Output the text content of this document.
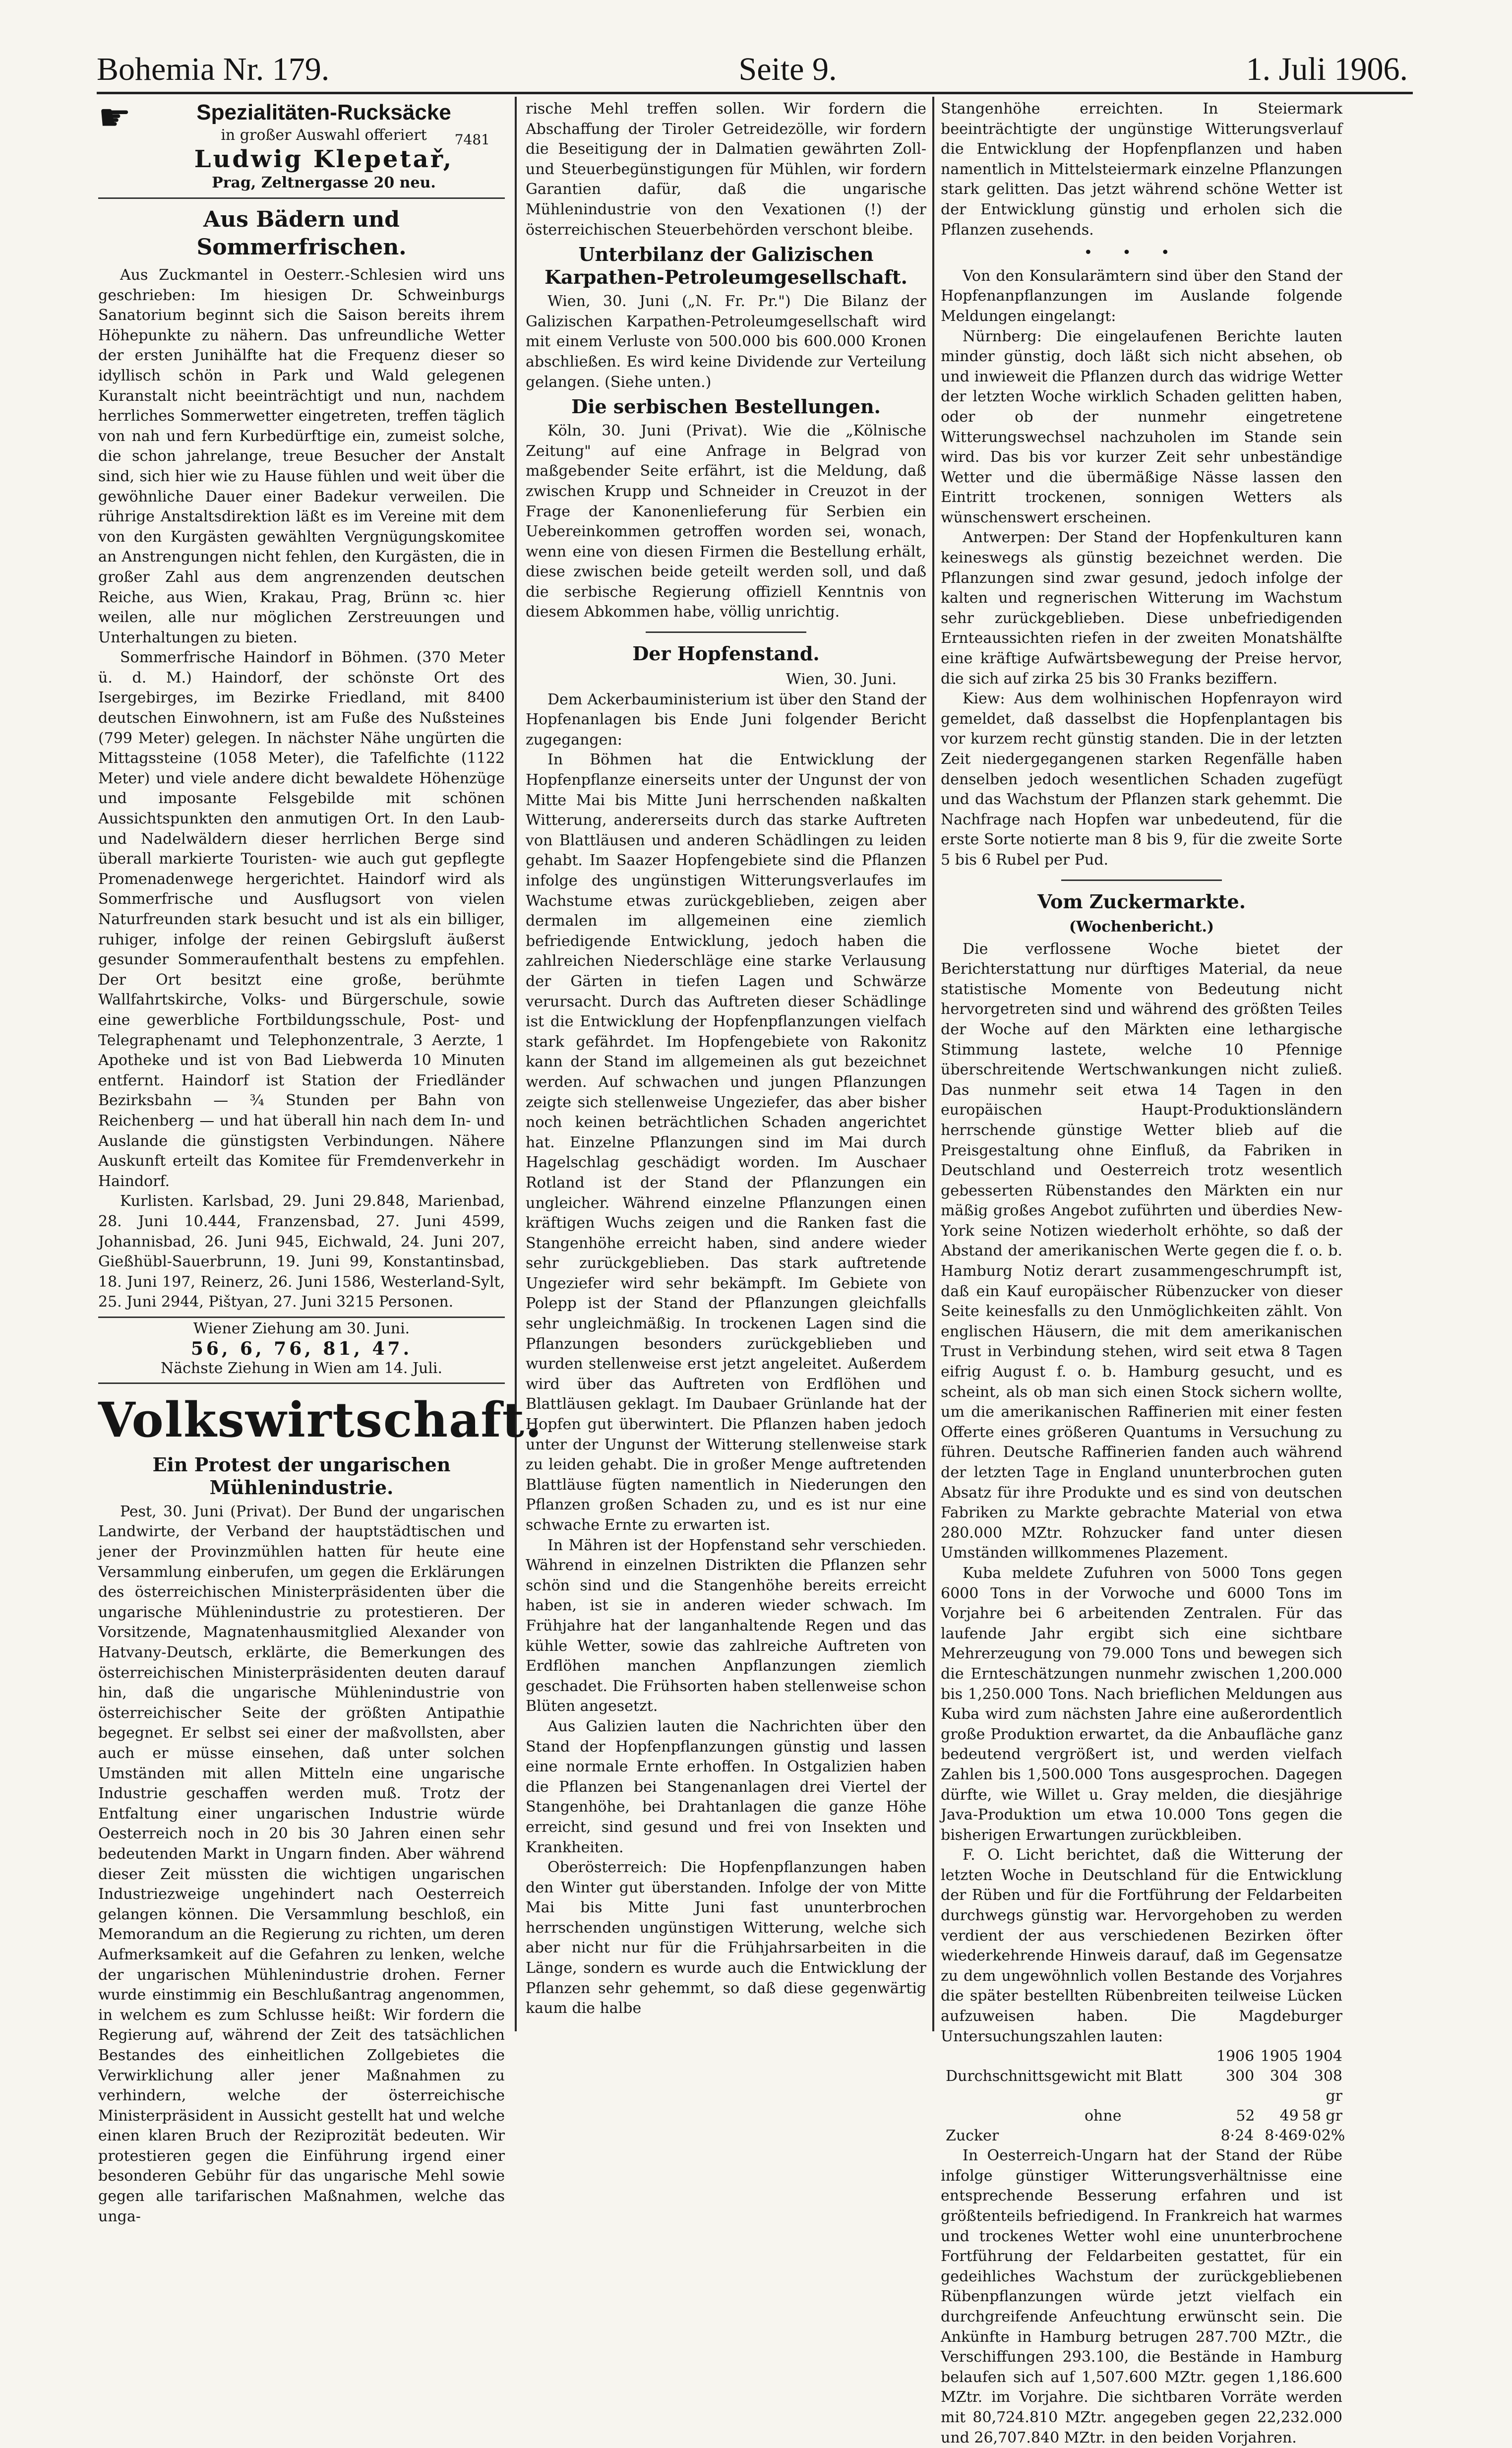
Bohemia Nr. 179.	Seite 9.	1. Juli 1906.
☛	Spezialitäten-Rucksäcke
in großer Auswahl offeriert
Ludwig Klepetař,
Prag, Zeltnergasse 20 neu.
7481
Aus Bädern und Sommerfrischen.

Aus Zuckmantel in Oesterr.-Schlesien wird uns geschrieben: Im hiesigen Dr. Schweinburgs Sanatorium beginnt sich die Saison bereits ihrem Höhepunkte zu nähern. Das unfreundliche Wetter der ersten Junihälfte hat die Frequenz dieser so idyllisch schön in Park und Wald gelegenen Kuranstalt nicht beeinträchtigt und nun, nachdem herrliches Sommerwetter eingetreten, treffen täglich von nah und fern Kurbedürftige ein, zumeist solche, die schon jahrelange, treue Besucher der Anstalt sind, sich hier wie zu Hause fühlen und weit über die gewöhnliche Dauer einer Badekur verweilen. Die rührige Anstaltsdirektion läßt es im Vereine mit dem von den Kurgästen gewählten Vergnügungskomitee an Anstrengungen nicht fehlen, den Kurgästen, die in großer Zahl aus dem angrenzenden deutschen Reiche, aus Wien, Krakau, Prag, Brünn ꝛc. hier weilen, alle nur möglichen Zerstreuungen und Unterhaltungen zu bieten.

Sommerfrische Haindorf in Böhmen. (370 Meter ü. d. M.) Haindorf, der schönste Ort des Isergebirges, im Bezirke Friedland, mit 8400 deutschen Einwohnern, ist am Fuße des Nußsteines (799 Meter) gelegen. In nächster Nähe ungürten die Mittagssteine (1058 Meter), die Tafelfichte (1122 Meter) und viele andere dicht bewaldete Höhenzüge und imposante Felsgebilde mit schönen Aussichtspunkten den anmutigen Ort. In den Laub- und Nadelwäldern dieser herrlichen Berge sind überall markierte Touristen- wie auch gut gepflegte Promenadenwege hergerichtet. Haindorf wird als Sommerfrische und Ausflugsort von vielen Naturfreunden stark besucht und ist als ein billiger, ruhiger, infolge der reinen Gebirgsluft äußerst gesunder Sommeraufenthalt bestens zu empfehlen. Der Ort besitzt eine große, berühmte Wallfahrtskirche, Volks- und Bürgerschule, sowie eine gewerbliche Fortbildungsschule, Post- und Telegraphenamt und Telephonzentrale, 3 Aerzte, 1 Apotheke und ist von Bad Liebwerda 10 Minuten entfernt. Haindorf ist Station der Friedländer Bezirksbahn — ¾ Stunden per Bahn von Reichenberg — und hat überall hin nach dem In- und Auslande die günstigsten Verbindungen. Nähere Auskunft erteilt das Komitee für Fremdenverkehr in Haindorf.

Kurlisten. Karlsbad, 29. Juni 29.848, Marienbad, 28. Juni 10.444, Franzensbad, 27. Juni 4599, Johannisbad, 26. Juni 945, Eichwald, 24. Juni 207, Gießhübl-Sauerbrunn, 19. Juni 99, Konstantinsbad, 18. Juni 197, Reinerz, 26. Juni 1586, Westerland-Sylt, 25. Juni 2944, Pištyan, 27. Juni 3215 Personen.

Wiener Ziehung am 30. Juni.
56, 6, 76, 81, 47.
Nächste Ziehung in Wien am 14. Juli.
Volkswirtschaft.
Ein Protest der ungarischen Mühlenindustrie.

Pest, 30. Juni (Privat). Der Bund der ungarischen Landwirte, der Verband der hauptstädtischen und jener der Provinzmühlen hatten für heute eine Versammlung einberufen, um gegen die Erklärungen des österreichischen Ministerpräsidenten über die ungarische Mühlenindustrie zu protestieren. Der Vorsitzende, Magnatenhausmitglied Alexander von Hatvany-Deutsch, erklärte, die Bemerkungen des österreichischen Ministerpräsidenten deuten darauf hin, daß die ungarische Mühlenindustrie von österreichischer Seite der größten Antipathie begegnet. Er selbst sei einer der maßvollsten, aber auch er müsse einsehen, daß unter solchen Umständen mit allen Mitteln eine ungarische Industrie geschaffen werden muß. Trotz der Entfaltung einer ungarischen Industrie würde Oesterreich noch in 20 bis 30 Jahren einen sehr bedeutenden Markt in Ungarn finden. Aber während dieser Zeit müssten die wichtigen ungarischen Industriezweige ungehindert nach Oesterreich gelangen können. Die Versammlung beschloß, ein Memorandum an die Regierung zu richten, um deren Aufmerksamkeit auf die Gefahren zu lenken, welche der ungarischen Mühlenindustrie drohen. Ferner wurde einstimmig ein Beschlußantrag angenommen, in welchem es zum Schlusse heißt: Wir fordern die Regierung auf, während der Zeit des tatsächlichen Bestandes des einheitlichen Zollgebietes die Verwirklichung aller jener Maßnahmen zu verhindern, welche der österreichische Ministerpräsident in Aussicht gestellt hat und welche einen klaren Bruch der Reziprozität bedeuten. Wir protestieren gegen die Einführung irgend einer besonderen Gebühr für das ungarische Mehl sowie gegen alle tarifarischen Maßnahmen, welche das unga-

rische Mehl treffen sollen. Wir fordern die Abschaffung der Tiroler Getreidezölle, wir fordern die Beseitigung der in Dalmatien gewährten Zoll- und Steuerbegünstigungen für Mühlen, wir fordern Garantien dafür, daß die ungarische Mühlenindustrie von den Vexationen (!) der österreichischen Steuerbehörden verschont bleibe.

Unterbilanz der Galizischen Karpathen-Petroleumgesellschaft.

Wien, 30. Juni („N. Fr. Pr.") Die Bilanz der Galizischen Karpathen-Petroleumgesellschaft wird mit einem Verluste von 500.000 bis 600.000 Kronen abschließen. Es wird keine Dividende zur Verteilung gelangen. (Siehe unten.)

Die serbischen Bestellungen.

Köln, 30. Juni (Privat). Wie die „Kölnische Zeitung" auf eine Anfrage in Belgrad von maßgebender Seite erfährt, ist die Meldung, daß zwischen Krupp und Schneider in Creuzot in der Frage der Kanonenlieferung für Serbien ein Uebereinkommen getroffen worden sei, wonach, wenn eine von diesen Firmen die Bestellung erhält, diese zwischen beide geteilt werden soll, und daß die serbische Regierung offiziell Kenntnis von diesem Abkommen habe, völlig unrichtig.

Der Hopfenstand.
Wien, 30. Juni.

Dem Ackerbauministerium ist über den Stand der Hopfenanlagen bis Ende Juni folgender Bericht zugegangen:

In Böhmen hat die Entwicklung der Hopfenpflanze einerseits unter der Ungunst der von Mitte Mai bis Mitte Juni herrschenden naßkalten Witterung, andererseits durch das starke Auftreten von Blattläusen und anderen Schädlingen zu leiden gehabt. Im Saazer Hopfengebiete sind die Pflanzen infolge des ungünstigen Witterungsverlaufes im Wachstume etwas zurückgeblieben, zeigen aber dermalen im allgemeinen eine ziemlich befriedigende Entwicklung, jedoch haben die zahlreichen Niederschläge eine starke Verlausung der Gärten in tiefen Lagen und Schwärze verursacht. Durch das Auftreten dieser Schädlinge ist die Entwicklung der Hopfenpflanzungen vielfach stark gefährdet. Im Hopfengebiete von Rakonitz kann der Stand im allgemeinen als gut bezeichnet werden. Auf schwachen und jungen Pflanzungen zeigte sich stellenweise Ungeziefer, das aber bisher noch keinen beträchtlichen Schaden angerichtet hat. Einzelne Pflanzungen sind im Mai durch Hagelschlag geschädigt worden. Im Auschaer Rotland ist der Stand der Pflanzungen ein ungleicher. Während einzelne Pflanzungen einen kräftigen Wuchs zeigen und die Ranken fast die Stangenhöhe erreicht haben, sind andere wieder sehr zurückgeblieben. Das stark auftretende Ungeziefer wird sehr bekämpft. Im Gebiete von Polepp ist der Stand der Pflanzungen gleichfalls sehr ungleichmäßig. In trockenen Lagen sind die Pflanzungen besonders zurückgeblieben und wurden stellenweise erst jetzt angeleitet. Außerdem wird über das Auftreten von Erdflöhen und Blattläusen geklagt. Im Daubaer Grünlande hat der Hopfen gut überwintert. Die Pflanzen haben jedoch unter der Ungunst der Witterung stellenweise stark zu leiden gehabt. Die in großer Menge auftretenden Blattläuse fügten namentlich in Niederungen den Pflanzen großen Schaden zu, und es ist nur eine schwache Ernte zu erwarten ist.

In Mähren ist der Hopfenstand sehr verschieden. Während in einzelnen Distrikten die Pflanzen sehr schön sind und die Stangenhöhe bereits erreicht haben, ist sie in anderen wieder schwach. Im Frühjahre hat der langanhaltende Regen und das kühle Wetter, sowie das zahlreiche Auftreten von Erdflöhen manchen Anpflanzungen ziemlich geschadet. Die Frühsorten haben stellenweise schon Blüten angesetzt.

Aus Galizien lauten die Nachrichten über den Stand der Hopfenpflanzungen günstig und lassen eine normale Ernte erhoffen. In Ostgalizien haben die Pflanzen bei Stangenanlagen drei Viertel der Stangenhöhe, bei Drahtanlagen die ganze Höhe erreicht, sind gesund und frei von Insekten und Krankheiten.

Oberösterreich: Die Hopfenpflanzungen haben den Winter gut überstanden. Infolge der von Mitte Mai bis Mitte Juni fast ununterbrochen herrschenden ungünstigen Witterung, welche sich aber nicht nur für die Frühjahrsarbeiten in die Länge, sondern es wurde auch die Entwicklung der Pflanzen sehr gehemmt, so daß diese gegenwärtig kaum die halbe

Stangenhöhe erreichten. In Steiermark beeinträchtigte der ungünstige Witterungsverlauf die Entwicklung der Hopfenpflanzen und haben namentlich in Mittelsteiermark einzelne Pflanzungen stark gelitten. Das jetzt während schöne Wetter ist der Entwicklung günstig und erholen sich die Pflanzen zusehends.

•••

Von den Konsularämtern sind über den Stand der Hopfenanpflanzungen im Auslande folgende Meldungen eingelangt:

Nürnberg: Die eingelaufenen Berichte lauten minder günstig, doch läßt sich nicht absehen, ob und inwieweit die Pflanzen durch das widrige Wetter der letzten Woche wirklich Schaden gelitten haben, oder ob der nunmehr eingetretene Witterungswechsel nachzuholen im Stande sein wird. Das bis vor kurzer Zeit sehr unbeständige Wetter und die übermäßige Nässe lassen den Eintritt trockenen, sonnigen Wetters als wünschenswert erscheinen.

Antwerpen: Der Stand der Hopfenkulturen kann keineswegs als günstig bezeichnet werden. Die Pflanzungen sind zwar gesund, jedoch infolge der kalten und regnerischen Witterung im Wachstum sehr zurückgeblieben. Diese unbefriedigenden Ernteaussichten riefen in der zweiten Monatshälfte eine kräftige Aufwärtsbewegung der Preise hervor, die sich auf zirka 25 bis 30 Franks beziffern.

Kiew: Aus dem wolhinischen Hopfenrayon wird gemeldet, daß dasselbst die Hopfenplantagen bis vor kurzem recht günstig standen. Die in der letzten Zeit niedergegangenen starken Regenfälle haben denselben jedoch wesentlichen Schaden zugefügt und das Wachstum der Pflanzen stark gehemmt. Die Nachfrage nach Hopfen war unbedeutend, für die erste Sorte notierte man 8 bis 9, für die zweite Sorte 5 bis 6 Rubel per Pud.

Vom Zuckermarkte.
(Wochenbericht.)

Die verflossene Woche bietet der Berichterstattung nur dürftiges Material, da neue statistische Momente von Bedeutung nicht hervorgetreten sind und während des größten Teiles der Woche auf den Märkten eine lethargische Stimmung lastete, welche 10 Pfennige überschreitende Wertschwankungen nicht zuließ. Das nunmehr seit etwa 14 Tagen in den europäischen Haupt-Produktionsländern herrschende günstige Wetter blieb auf die Preisgestaltung ohne Einfluß, da Fabriken in Deutschland und Oesterreich trotz wesentlich gebesserten Rübenstandes den Märkten ein nur mäßig großes Angebot zuführten und überdies New-York seine Notizen wiederholt erhöhte, so daß der Abstand der amerikanischen Werte gegen die f. o. b. Hamburg Notiz derart zusammengeschrumpft ist, daß ein Kauf europäischer Rübenzucker von dieser Seite keinesfalls zu den Unmöglichkeiten zählt. Von englischen Häusern, die mit dem amerikanischen Trust in Verbindung stehen, wird seit etwa 8 Tagen eifrig August f. o. b. Hamburg gesucht, und es scheint, als ob man sich einen Stock sichern wollte, um die amerikanischen Raffinerien mit einer festen Offerte eines größeren Quantums in Versuchung zu führen. Deutsche Raffinerien fanden auch während der letzten Tage in England ununterbrochen guten Absatz für ihre Produkte und es sind von deutschen Fabriken zu Markte gebrachte Material von etwa 280.000 MZtr. Rohzucker fand unter diesen Umständen willkommenes Plazement.

Kuba meldete Zufuhren von 5000 Tons gegen 6000 Tons in der Vorwoche und 6000 Tons im Vorjahre bei 6 arbeitenden Zentralen. Für das laufende Jahr ergibt sich eine sichtbare Mehrerzeugung von 79.000 Tons und bewegen sich die Ernteschätzungen nunmehr zwischen 1,200.000 bis 1,250.000 Tons. Nach brieflichen Meldungen aus Kuba wird zum nächsten Jahre eine außerordentlich große Produktion erwartet, da die Anbaufläche ganz bedeutend vergrößert ist, und werden vielfach Zahlen bis 1,500.000 Tons ausgesprochen. Dagegen dürfte, wie Willet u. Gray melden, die diesjährige Java-Produktion um etwa 10.000 Tons gegen die bisherigen Erwartungen zurückbleiben.

F. O. Licht berichtet, daß die Witterung der letzten Woche in Deutschland für die Entwicklung der Rüben und für die Fortführung der Feldarbeiten durchwegs günstig war. Hervorgehoben zu werden verdient der aus verschiedenen Bezirken öfter wiederkehrende Hinweis darauf, daß im Gegensatze zu dem ungewöhnlich vollen Bestande des Vorjahres die später bestellten Rübenbreiten teilweise Lücken aufzuweisen haben. Die Magdeburger Untersuchungszahlen lauten:

1906 1905 1904
Durchschnittsgewicht mit Blatt	300	304	308 gr
ohne	52	49 58 gr
Zucker	8·24 8·46 9·02%

In Oesterreich-Ungarn hat der Stand der Rübe infolge günstiger Witterungsverhältnisse eine entsprechende Besserung erfahren und ist größtenteils befriedigend. In Frankreich hat warmes und trockenes Wetter wohl eine ununterbrochene Fortführung der Feldarbeiten gestattet, für ein gedeihliches Wachstum der zurückgebliebenen Rübenpflanzungen würde jetzt vielfach ein durchgreifende Anfeuchtung erwünscht sein. Die Ankünfte in Hamburg betrugen 287.700 MZtr., die Verschiffungen 293.100, die Bestände in Hamburg belaufen sich auf 1,507.600 MZtr. gegen 1,186.600 MZtr. im Vorjahre. Die sichtbaren Vorräte werden mit 80,724.810 MZtr. angegeben gegen 22,232.000 und 26,707.840 MZtr. in den beiden Vorjahren.
